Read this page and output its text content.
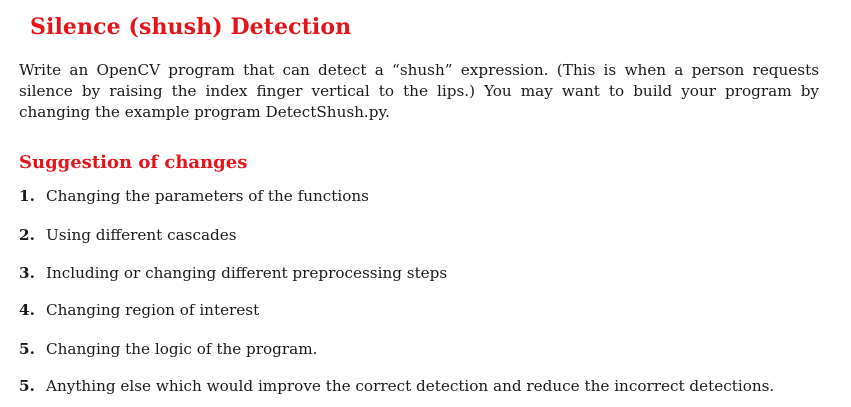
Silence (shush) Detection

Write an OpenCV program that can detect a “shush” expression. (This is when a person requests silence by raising the index finger vertical to the lips.) You may want to build your program by changing the example program DetectShush.py.

Suggestion of changes
1. Changing the parameters of the functions
2. Using different cascades
3. Including or changing different preprocessing steps
4. Changing region of interest
5. Changing the logic of the program.
5. Anything else which would improve the correct detection and reduce the incorrect detections.
